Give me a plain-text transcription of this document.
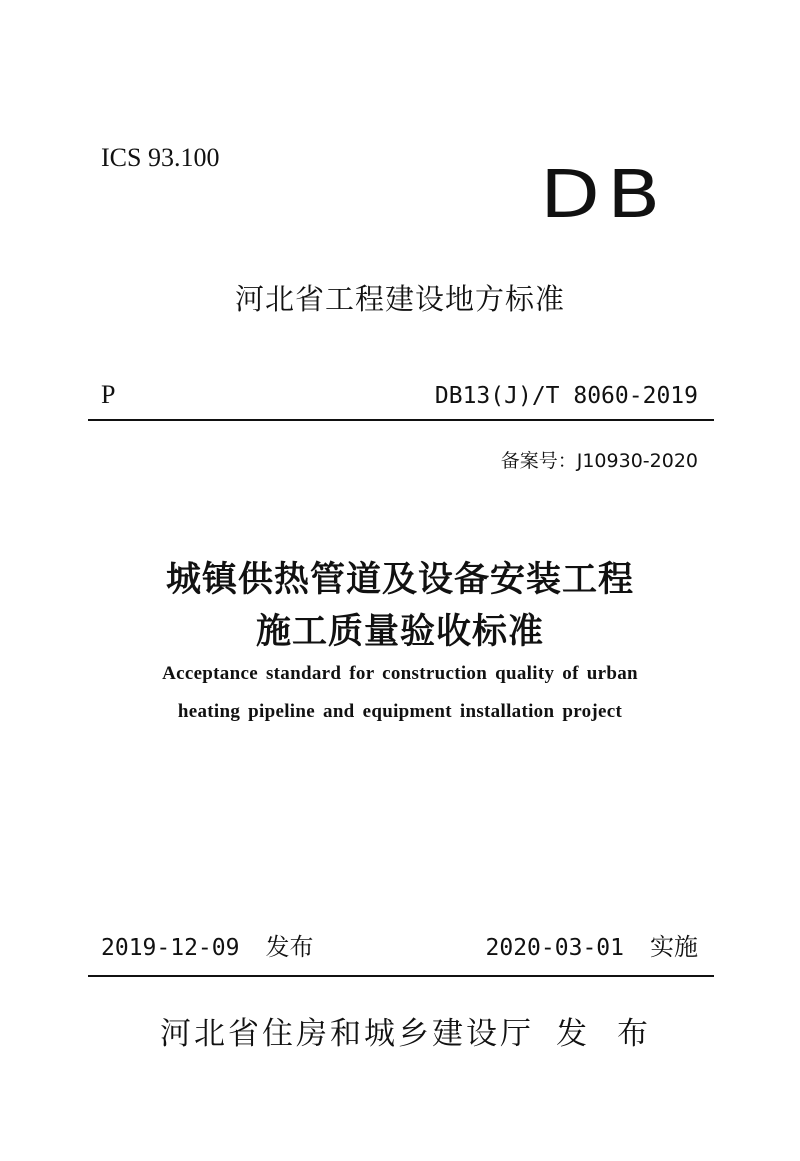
ICS 93.100	DB
河北省工程建设地方标准
P	DB13(J)/T 8060-2019
备案号：J10930-2020
城镇供热管道及设备安装工程
施工质量验收标准
Acceptance standard for construction quality of urban
heating pipeline and equipment installation project
2019-12-09 发布	2020-03-01 实施
河北省住房和城乡建设厅 发布
